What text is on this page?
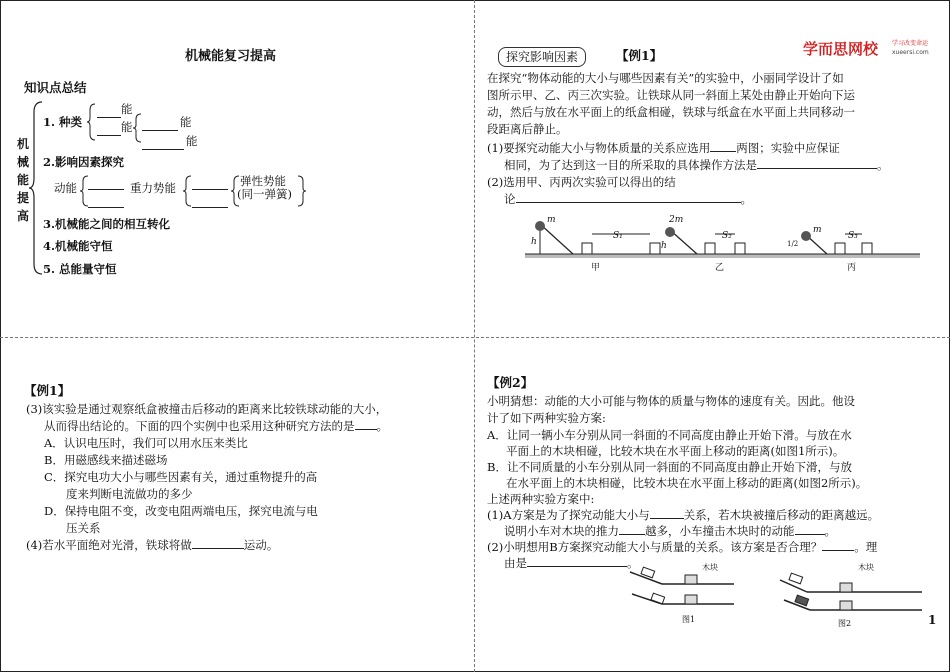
机械能复习提高
知识点总结
机械能提高
1. 种类
能
能	能
能
2.影响因素探究
动能	重力势能	弹性势能
(同一弹簧)
3.机械能之间的相互转化
4.机械能守恒
5. 总能量守恒
探究影响因素	【例1】	学而思网校 学习改变命运
xueersi.com
在探究“物体动能的大小与哪些因素有关”的实验中，小丽同学设计了如
图所示甲、乙、丙三次实验。让铁球从同一斜面上某处由静止开始向下运
动，然后与放在水平面上的纸盒相碰，铁球与纸盒在水平面上共同移动一
段距离后静止。
(1)要探究动能大小与物体质量的关系应选用 两图；实验中应保证
相同，为了达到这一目的所采取的具体操作方法是	。
(2)选用甲、丙两次实验可以得出的结
论	。
m
h
S₁
甲
2m
h
S₂
乙
m
1/2
S₃
丙
【例1】
(3)该实验是通过观察纸盒被撞击后移动的距离来比较铁球动能的大小，
从而得出结论的。下面的四个实例中也采用这种研究方法的是 。
A．认识电压时，我们可以用水压来类比
B．用磁感线来描述磁场
C．探究电功大小与哪些因素有关，通过重物提升的高
度来判断电流做功的多少
D．保持电阻不变，改变电阻两端电压，探究电流与电
压关系
(4)若水平面绝对光滑，铁球将做	运动。
【例2】
小明猜想：动能的大小可能与物体的质量与物体的速度有关。因此。他设
计了如下两种实验方案:
A．让同一辆小车分别从同一斜面的不同高度由静止开始下滑。与放在水
平面上的木块相碰，比较木块在水平面上移动的距离(如图1所示)。
B．让不同质量的小车分别从同一斜面的不同高度由静止开始下滑，与放
在水平面上的木块相碰，比较木块在水平面上移动的距离(如图2所示)。
上述两种实验方案中:
(1)A方案是为了探究动能大小与	关系，若木块被撞后移动的距离越远。
说明小车对木块的推力 越多，小车撞击木块时的动能	。
(2)小明想用B方案探究动能大小与质量的关系。该方案是否合理？	。理
由是	。	木块
图1
木块
图2	1
